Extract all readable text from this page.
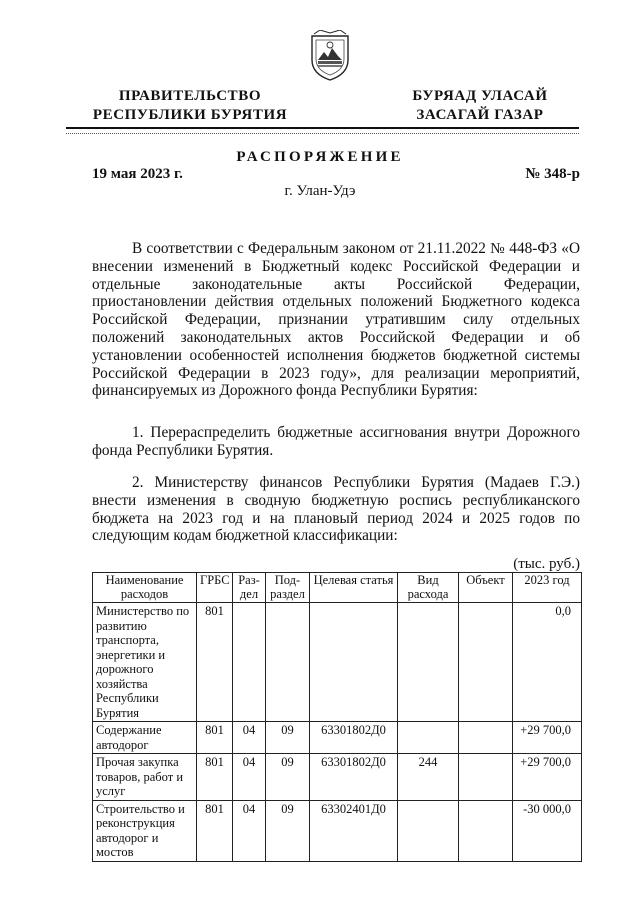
ПРАВИТЕЛЬСТВО
РЕСПУБЛИКИ БУРЯТИЯ
БУРЯАД УЛАСАЙ
ЗАСАГАЙ ГАЗАР
РАСПОРЯЖЕНИЕ
19 мая 2023 г.	№ 348-р
г. Улан-Удэ

В соответствии с Федеральным законом от 21.11.2022 № 448-ФЗ «О внесении изменений в Бюджетный кодекс Российской Федерации и отдельные законодательные акты Российской Федерации, приостановлении действия отдельных положений Бюджетного кодекса Российской Федерации, признании утратившим силу отдельных положений законодательных актов Российской Федерации и об установлении особенностей исполнения бюджетов бюджетной системы Российской Федерации в 2023 году», для реализации мероприятий, финансируемых из Дорожного фонда Республики Бурятия:

1. Перераспределить бюджетные ассигнования внутри Дорожного фонда Республики Бурятия.

2. Министерству финансов Республики Бурятия (Мадаев Г.Э.) внести изменения в сводную бюджетную роспись республиканского бюджета на 2023 год и на плановый период 2024 и 2025 годов по следующим кодам бюджетной классификации:

(тыс. руб.)
Наименование расходов	ГРБС	Раз-дел	Под-раздел	Целевая статья	Вид расхода	Объект	2023 год
Министерство по развитию транспорта, энергетики и дорожного хозяйства Республики Бурятия	801						0,0
Содержание автодорог	801	04	09	63301802Д0			+29 700,0
Прочая закупка товаров, работ и услуг	801	04	09	63301802Д0	244		+29 700,0
Строительство и реконструкция автодорог и мостов	801	04	09	63302401Д0			-30 000,0
